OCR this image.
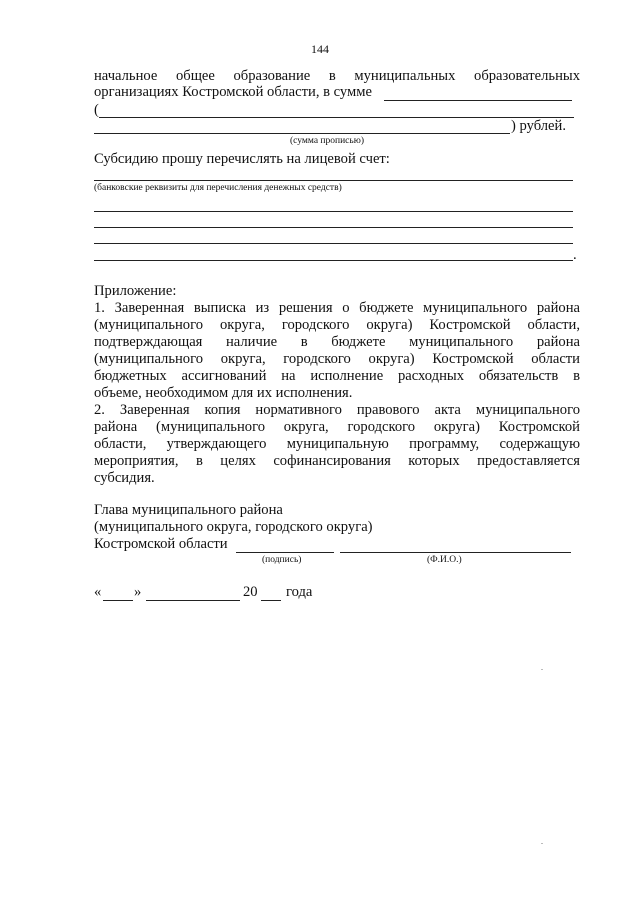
144
начальное общее образование в муниципальных образовательных
организациях Костромской области, в сумме
(
) рублей.
(сумма прописью)
Субсидию прошу перечислять на лицевой счет:
(банковские реквизиты для перечисления денежных средств)
.
Приложение:
1. Заверенная выписка из решения о бюджете муниципального района
(муниципального округа, городского округа) Костромской области,
подтверждающая наличие в бюджете муниципального района
(муниципального округа, городского округа) Костромской области
бюджетных ассигнований на исполнение расходных обязательств в
объеме, необходимом для их исполнения.
2. Заверенная копия нормативного правового акта муниципального
района (муниципального округа, городского округа) Костромской
области, утверждающего муниципальную программу, содержащую
мероприятия, в целях софинансирования которых предоставляется
субсидия.
Глава муниципального района
(муниципального округа, городского округа)
Костромской области
(подпись)	(Ф.И.О.)
« »	20 года
